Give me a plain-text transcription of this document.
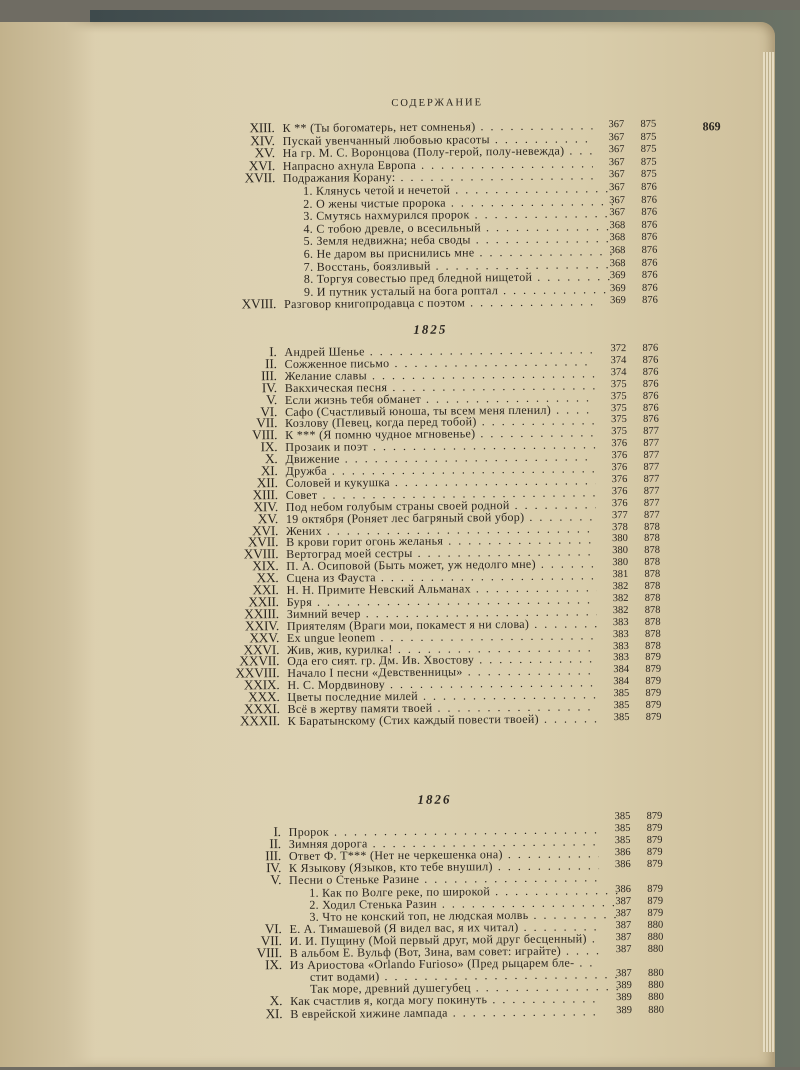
СОДЕРЖАНИЕ
869
XIII. К ** (Ты богоматерь, нет сомненья) . . .	367 875
XIV. Пускай увенчанный любовью красоты . . .	367 875
XV. На гр. М. С. Воронцова (Полу-герой, полу-невежда) . . .	367 875
XVI. Напрасно ахнула Европа . . .	367 875
XVII. Подражания Корану: . . .	367 875
1. Клянусь четой и нечетой . . .	367 876
2. О жены чистые пророка . . .	367 876
3. Смутясь нахмурился пророк . . .	367 876
4. С тобою древле, о всесильный . . .	368 876
5. Земля недвижна; неба своды . . .	368 876
6. Не даром вы приснились мне . . .	368 876
7. Восстань, боязливый . . .	368 876
8. Торгуя совестью пред бледной нищетой . . .	369 876
9. И путник усталый на бога роптал . . .	369 876
XVIII. Разговор книгопродавца с поэтом . . .	369 876
1825
I. Андрей Шенье . . .	372 876
II. Сожженное письмо . . .	374 876
III. Желание славы . . .	374 876
IV. Вакхическая песня . . .	375 876
V. Если жизнь тебя обманет . . .	375 876
VI. Сафо (Счастливый юноша, ты всем меня пленил) . . .	375 876
VII. Козлову (Певец, когда перед тобой) . . .	375 876
VIII. К *** (Я помню чудное мгновенье) . . .	375 877
IX. Прозаик и поэт . . .	376 877
X. Движение . . .	376 877
XI. Дружба . . .	376 877
XII. Соловей и кукушка . . .	376 877
XIII. Совет . . .	376 877
XIV. Под небом голубым страны своей родной . . .	376 877
XV. 19 октября (Роняет лес багряный свой убор) . . .	377 877
XVI. Жених . . .	378 878
XVII. В крови горит огонь желанья . . .	380 878
XVIII. Вертоград моей сестры . . .	380 878
XIX. П. А. Осиповой (Быть может, уж недолго мне) . . .	380 878
XX. Сцена из Фауста . . .	381 878
XXI. Н. Н. Примите Невский Альманах . . .	382 878
XXII. Буря . . .	382 878
XXIII. Зимний вечер . . .	382 878
XXIV. Приятелям (Враги мои, покамест я ни слова) . . .	383 878
XXV. Ex ungue leonem . . .	383 878
XXVI. Жив, жив, курилка! . . .	383 878
XXVII. Ода его сият. гр. Дм. Ив. Хвостову . . .	383 879
XXVIII. Начало I песни «Девственницы» . . .	384 879
XXIX. Н. С. Мордвинову . . .	384 879
XXX. Цветы последние милей . . .	385 879
XXXI. Всё в жертву памяти твоей . . .	385 879
XXXII. К Баратынскому (Стих каждый повести твоей) . . .	385 879
1826
385 879
I. Пророк . . .	385 879
II. Зимняя дорога . . .	385 879
III. Ответ Ф. Т*** (Нет не черкешенка она) . . .	386 879
IV. К Языкову (Языков, кто тебе внушил) . . .	386 879
V. Песни о Стеньке Разине . . .
1. Как по Волге реке, по широкой . . .	386 879
2. Ходил Стенька Разин . . .	387 879
3. Что не конский топ, не людская молвь . . .	387 879
VI. Е. А. Тимашевой (Я видел вас, я их читал) . . .	387 880
VII. И. И. Пущину (Мой первый друг, мой друг бесценный) . . .	387 880
VIII. В альбом Е. Вульф (Вот, Зина, вам совет: играйте) . . .	387 880
IX. Из Ариостова «Orlando Furioso» (Пред рыцарем бле- . . .
стит водами) . . .	387 880
Так море, древний душегубец . . .	389 880
X. Как счастлив я, когда могу покинуть . . .	389 880
XI. В еврейской хижине лампада . . .	389 880
